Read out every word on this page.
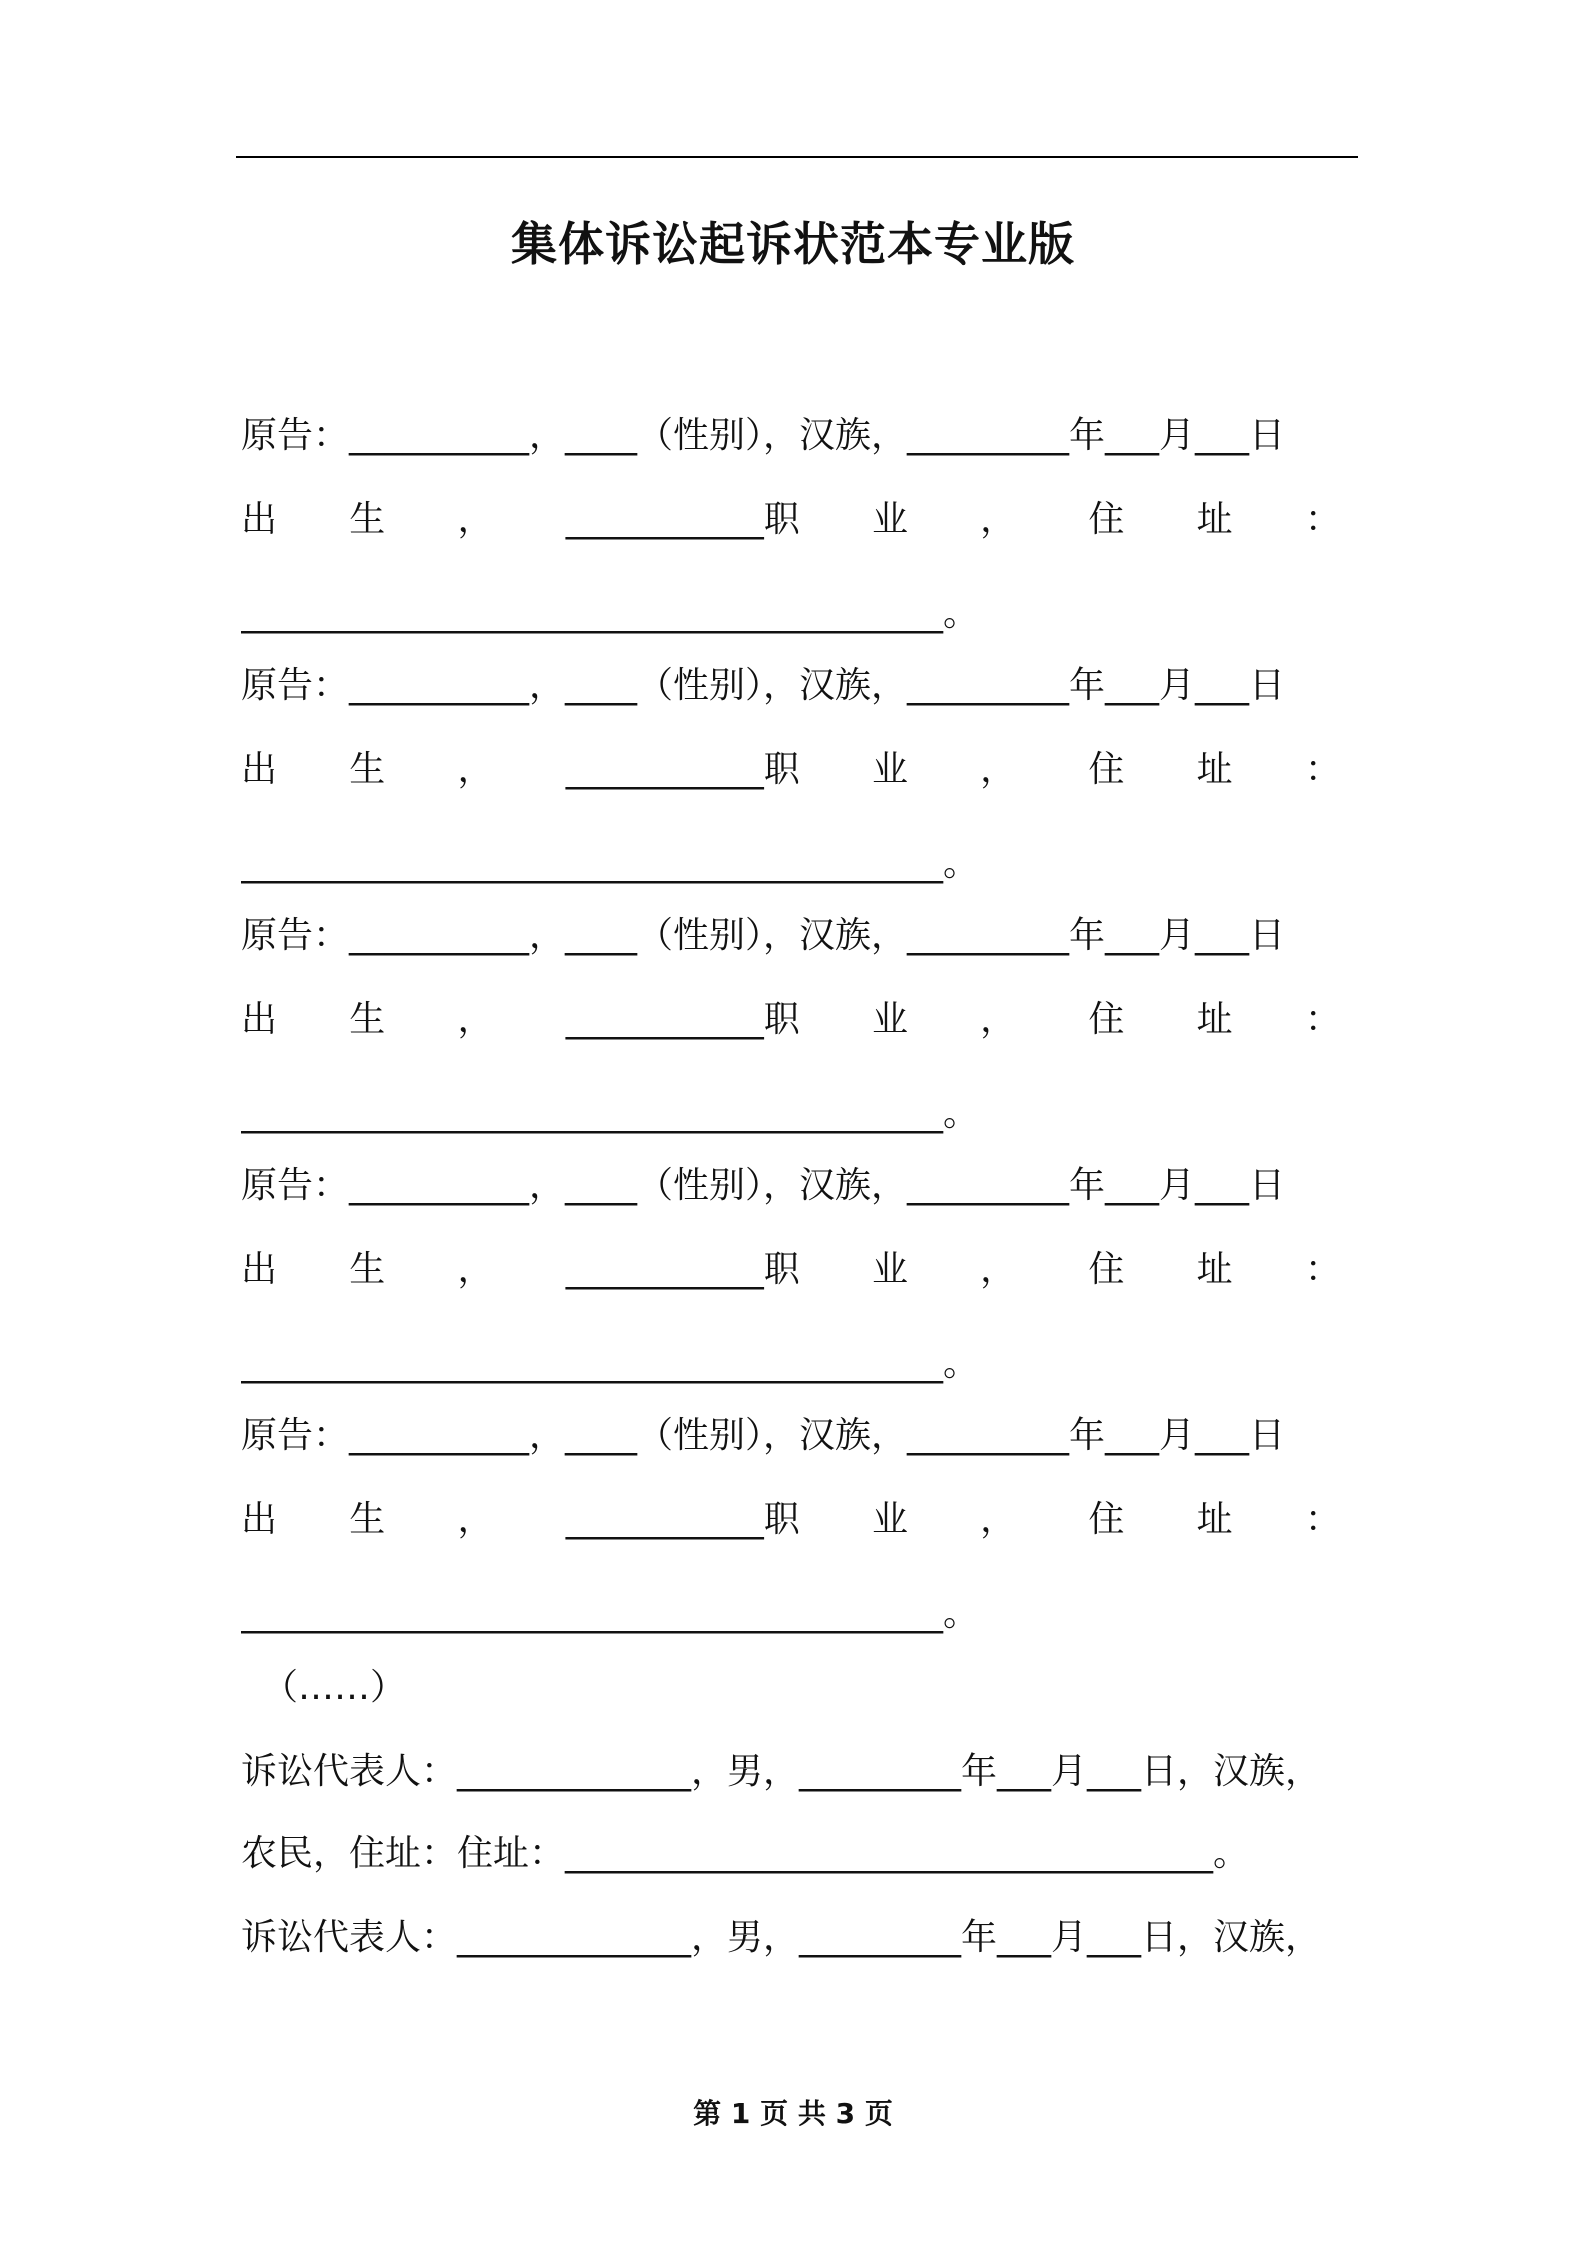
集体诉讼起诉状范本专业版
原告：__________，____（性别），汉族，_________年___月___日
出 生 ， ___________职 业 ， 住 址 ：
_______________________________________。
原告：__________，____（性别），汉族，_________年___月___日
出 生 ， ___________职 业 ， 住 址 ：
_______________________________________。
原告：__________，____（性别），汉族，_________年___月___日
出 生 ， ___________职 业 ， 住 址 ：
_______________________________________。
原告：__________，____（性别），汉族，_________年___月___日
出 生 ， ___________职 业 ， 住 址 ：
_______________________________________。
原告：__________，____（性别），汉族，_________年___月___日
出 生 ， ___________职 业 ， 住 址 ：
_______________________________________。
（……）
诉讼代表人：_____________，男，_________年___月___日，汉族，
农民，住址：住址：____________________________________。
诉讼代表人：_____________，男，_________年___月___日，汉族，
第 1 页 共 3 页
